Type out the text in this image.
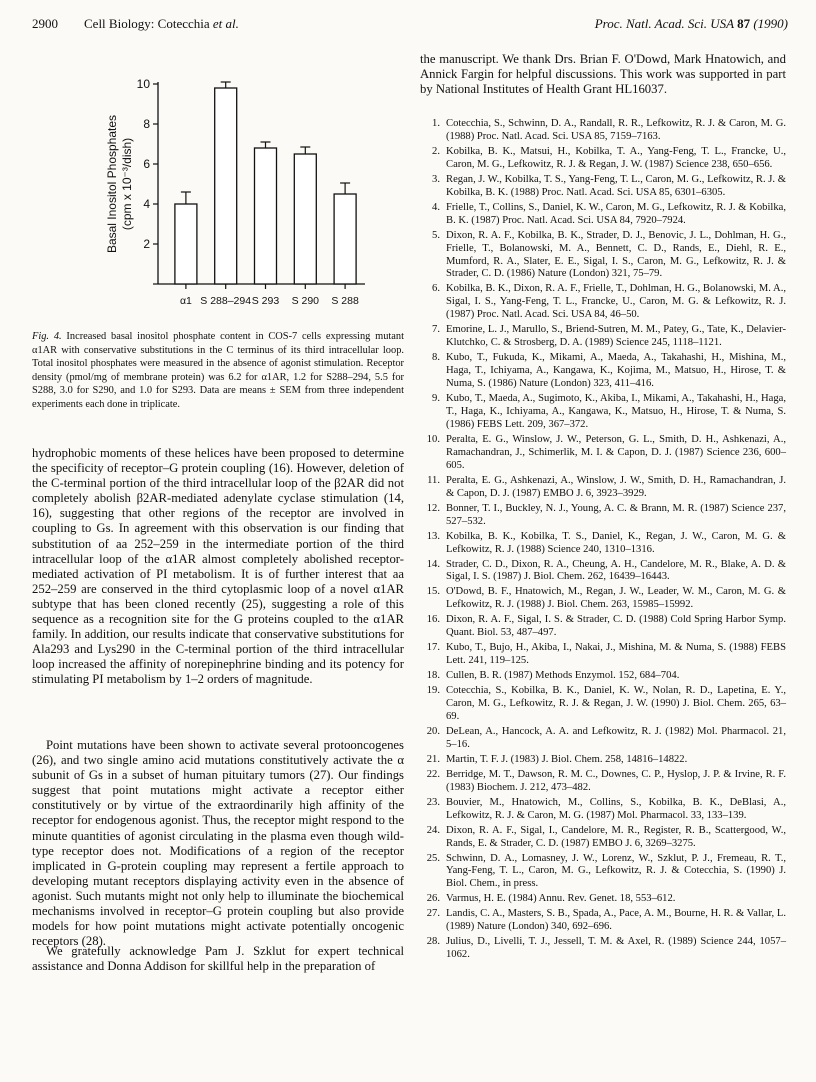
2900 Cell Biology: Cotecchia et al.	Proc. Natl. Acad. Sci. USA 87 (1990)
2
4
6
8
10
Basal Inositol Phosphates (cpm x 10⁻³/dish)
α1 S 288–294 S 293 S 290 S 288
Fig. 4. Increased basal inositol phosphate content in COS-7 cells expressing mutant α1AR with conservative substitutions in the C terminus of its third intracellular loop. Total inositol phosphates were measured in the absence of agonist stimulation. Receptor density (pmol/mg of membrane protein) was 6.2 for α1AR, 1.2 for S288–294, 5.5 for S288, 3.0 for S290, and 1.0 for S293. Data are means ± SEM from three independent experiments each done in triplicate.

hydrophobic moments of these helices have been proposed to determine the specificity of receptor–G protein coupling (16). However, deletion of the C-terminal portion of the third intracellular loop of the β2AR did not completely abolish β2AR-mediated adenylate cyclase stimulation (14, 16), suggesting that other regions of the receptor are involved in coupling to Gs. In agreement with this observation is our finding that substitution of aa 252–259 in the intermediate portion of the third intracellular loop of the α1AR almost completely abolished receptor-mediated activation of PI metabolism. It is of further interest that aa 252–259 are conserved in the third cytoplasmic loop of a novel α1AR subtype that has been cloned recently (25), suggesting a role of this sequence as a recognition site for the G proteins coupled to the α1AR family. In addition, our results indicate that conservative substitutions for Ala293 and Lys290 in the C-terminal portion of the third intracellular loop increased the affinity of norepinephrine binding and its potency for stimulating PI metabolism by 1–2 orders of magnitude.

Point mutations have been shown to activate several protooncogenes (26), and two single amino acid mutations constitutively activate the α subunit of Gs in a subset of human pituitary tumors (27). Our findings suggest that point mutations might activate a receptor either constitutively or by virtue of the extraordinarily high affinity of the receptor for endogenous agonist. Thus, the receptor might respond to the minute quantities of agonist circulating in the plasma even though wild-type receptor does not. Modifications of a region of the receptor implicated in G-protein coupling may represent a fertile approach to developing mutant receptors displaying activity even in the absence of agonist. Such mutants might not only help to illuminate the biochemical mechanisms involved in receptor–G protein coupling but also provide models for how point mutations might activate potentially oncogenic receptors (28).

We gratefully acknowledge Pam J. Szklut for expert technical assistance and Donna Addison for skillful help in the preparation of

the manuscript. We thank Drs. Brian F. O'Dowd, Mark Hnatowich, and Annick Fargin for helpful discussions. This work was supported in part by National Institutes of Health Grant HL16037.
1. Cotecchia, S., Schwinn, D. A., Randall, R. R., Lefkowitz, R. J. & Caron, M. G. (1988) Proc. Natl. Acad. Sci. USA 85, 7159–7163.
2. Kobilka, B. K., Matsui, H., Kobilka, T. A., Yang-Feng, T. L., Francke, U., Caron, M. G., Lefkowitz, R. J. & Regan, J. W. (1987) Science 238, 650–656.
3. Regan, J. W., Kobilka, T. S., Yang-Feng, T. L., Caron, M. G., Lefkowitz, R. J. & Kobilka, B. K. (1988) Proc. Natl. Acad. Sci. USA 85, 6301–6305.
4. Frielle, T., Collins, S., Daniel, K. W., Caron, M. G., Lefkowitz, R. J. & Kobilka, B. K. (1987) Proc. Natl. Acad. Sci. USA 84, 7920–7924.
5. Dixon, R. A. F., Kobilka, B. K., Strader, D. J., Benovic, J. L., Dohlman, H. G., Frielle, T., Bolanowski, M. A., Bennett, C. D., Rands, E., Diehl, R. E., Mumford, R. A., Slater, E. E., Sigal, I. S., Caron, M. G., Lefkowitz, R. J. & Strader, C. D. (1986) Nature (London) 321, 75–79.
6. Kobilka, B. K., Dixon, R. A. F., Frielle, T., Dohlman, H. G., Bolanowski, M. A., Sigal, I. S., Yang-Feng, T. L., Francke, U., Caron, M. G. & Lefkowitz, R. J. (1987) Proc. Natl. Acad. Sci. USA 84, 46–50.
7. Emorine, L. J., Marullo, S., Briend-Sutren, M. M., Patey, G., Tate, K., Delavier-Klutchko, C. & Strosberg, D. A. (1989) Science 245, 1118–1121.
8. Kubo, T., Fukuda, K., Mikami, A., Maeda, A., Takahashi, H., Mishina, M., Haga, T., Ichiyama, A., Kangawa, K., Kojima, M., Matsuo, H., Hirose, T. & Numa, S. (1986) Nature (London) 323, 411–416.
9. Kubo, T., Maeda, A., Sugimoto, K., Akiba, I., Mikami, A., Takahashi, H., Haga, T., Haga, K., Ichiyama, A., Kangawa, K., Matsuo, H., Hirose, T. & Numa, S. (1986) FEBS Lett. 209, 367–372.
10. Peralta, E. G., Winslow, J. W., Peterson, G. L., Smith, D. H., Ashkenazi, A., Ramachandran, J., Schimerlik, M. I. & Capon, D. J. (1987) Science 236, 600–605.
11. Peralta, E. G., Ashkenazi, A., Winslow, J. W., Smith, D. H., Ramachandran, J. & Capon, D. J. (1987) EMBO J. 6, 3923–3929.
12. Bonner, T. I., Buckley, N. J., Young, A. C. & Brann, M. R. (1987) Science 237, 527–532.
13. Kobilka, B. K., Kobilka, T. S., Daniel, K., Regan, J. W., Caron, M. G. & Lefkowitz, R. J. (1988) Science 240, 1310–1316.
14. Strader, C. D., Dixon, R. A., Cheung, A. H., Candelore, M. R., Blake, A. D. & Sigal, I. S. (1987) J. Biol. Chem. 262, 16439–16443.
15. O'Dowd, B. F., Hnatowich, M., Regan, J. W., Leader, W. M., Caron, M. G. & Lefkowitz, R. J. (1988) J. Biol. Chem. 263, 15985–15992.
16. Dixon, R. A. F., Sigal, I. S. & Strader, C. D. (1988) Cold Spring Harbor Symp. Quant. Biol. 53, 487–497.
17. Kubo, T., Bujo, H., Akiba, I., Nakai, J., Mishina, M. & Numa, S. (1988) FEBS Lett. 241, 119–125.
18. Cullen, B. R. (1987) Methods Enzymol. 152, 684–704.
19. Cotecchia, S., Kobilka, B. K., Daniel, K. W., Nolan, R. D., Lapetina, E. Y., Caron, M. G., Lefkowitz, R. J. & Regan, J. W. (1990) J. Biol. Chem. 265, 63–69.
20. DeLean, A., Hancock, A. A. and Lefkowitz, R. J. (1982) Mol. Pharmacol. 21, 5–16.
21. Martin, T. F. J. (1983) J. Biol. Chem. 258, 14816–14822.
22. Berridge, M. T., Dawson, R. M. C., Downes, C. P., Hyslop, J. P. & Irvine, R. F. (1983) Biochem. J. 212, 473–482.
23. Bouvier, M., Hnatowich, M., Collins, S., Kobilka, B. K., DeBlasi, A., Lefkowitz, R. J. & Caron, M. G. (1987) Mol. Pharmacol. 33, 133–139.
24. Dixon, R. A. F., Sigal, I., Candelore, M. R., Register, R. B., Scattergood, W., Rands, E. & Strader, C. D. (1987) EMBO J. 6, 3269–3275.
25. Schwinn, D. A., Lomasney, J. W., Lorenz, W., Szklut, P. J., Fremeau, R. T., Yang-Feng, T. L., Caron, M. G., Lefkowitz, R. J. & Cotecchia, S. (1990) J. Biol. Chem., in press.
26. Varmus, H. E. (1984) Annu. Rev. Genet. 18, 553–612.
27. Landis, C. A., Masters, S. B., Spada, A., Pace, A. M., Bourne, H. R. & Vallar, L. (1989) Nature (London) 340, 692–696.
28. Julius, D., Livelli, T. J., Jessell, T. M. & Axel, R. (1989) Science 244, 1057–1062.
